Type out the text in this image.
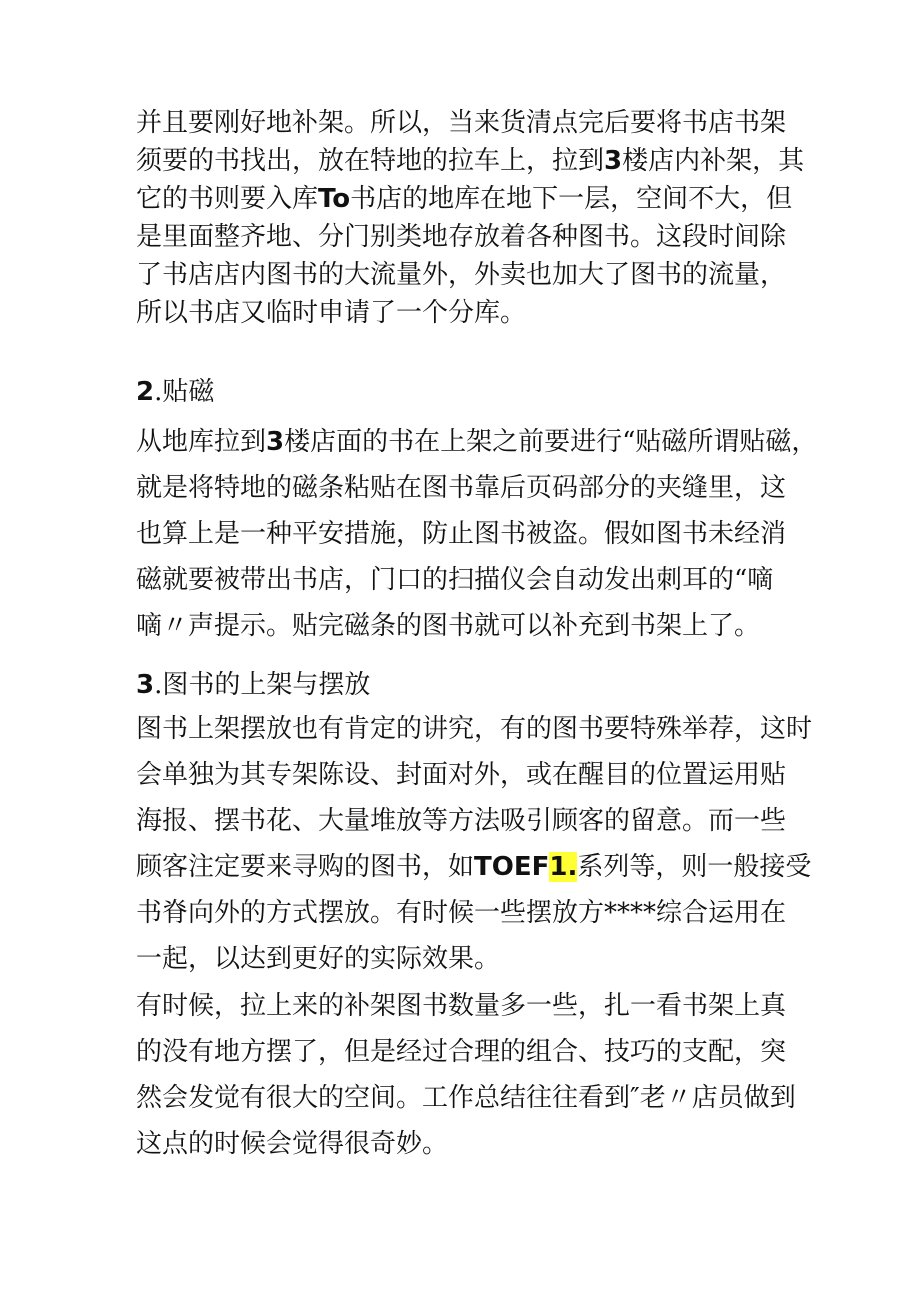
并且要刚好地补架。所以，当来货清点完后要将书店书架
须要的书找出，放在特地的拉车上，拉到3楼店内补架，其
它的书则要入库To书店的地库在地下一层，空间不大，但
是里面整齐地、分门别类地存放着各种图书。这段时间除
了书店店内图书的大流量外，外卖也加大了图书的流量，
所以书店又临时申请了一个分库。
2.贴磁
从地库拉到3楼店面的书在上架之前要进行“贴磁所谓贴磁，
就是将特地的磁条粘贴在图书靠后页码部分的夹缝里，这
也算上是一种平安措施，防止图书被盗。假如图书未经消
磁就要被带出书店，门口的扫描仪会自动发出刺耳的“嘀
嘀〃声提示。贴完磁条的图书就可以补充到书架上了。
3.图书的上架与摆放
图书上架摆放也有肯定的讲究，有的图书要特殊举荐，这时
会单独为其专架陈设、封面对外，或在醒目的位置运用贴
海报、摆书花、大量堆放等方法吸引顾客的留意。而一些
顾客注定要来寻购的图书，如TOEF1.系列等，则一般接受
书脊向外的方式摆放。有时候一些摆放方****综合运用在
一起，以达到更好的实际效果。
有时候，拉上来的补架图书数量多一些，扎一看书架上真
的没有地方摆了，但是经过合理的组合、技巧的支配，突
然会发觉有很大的空间。工作总结往往看到″老〃店员做到
这点的时候会觉得很奇妙。
